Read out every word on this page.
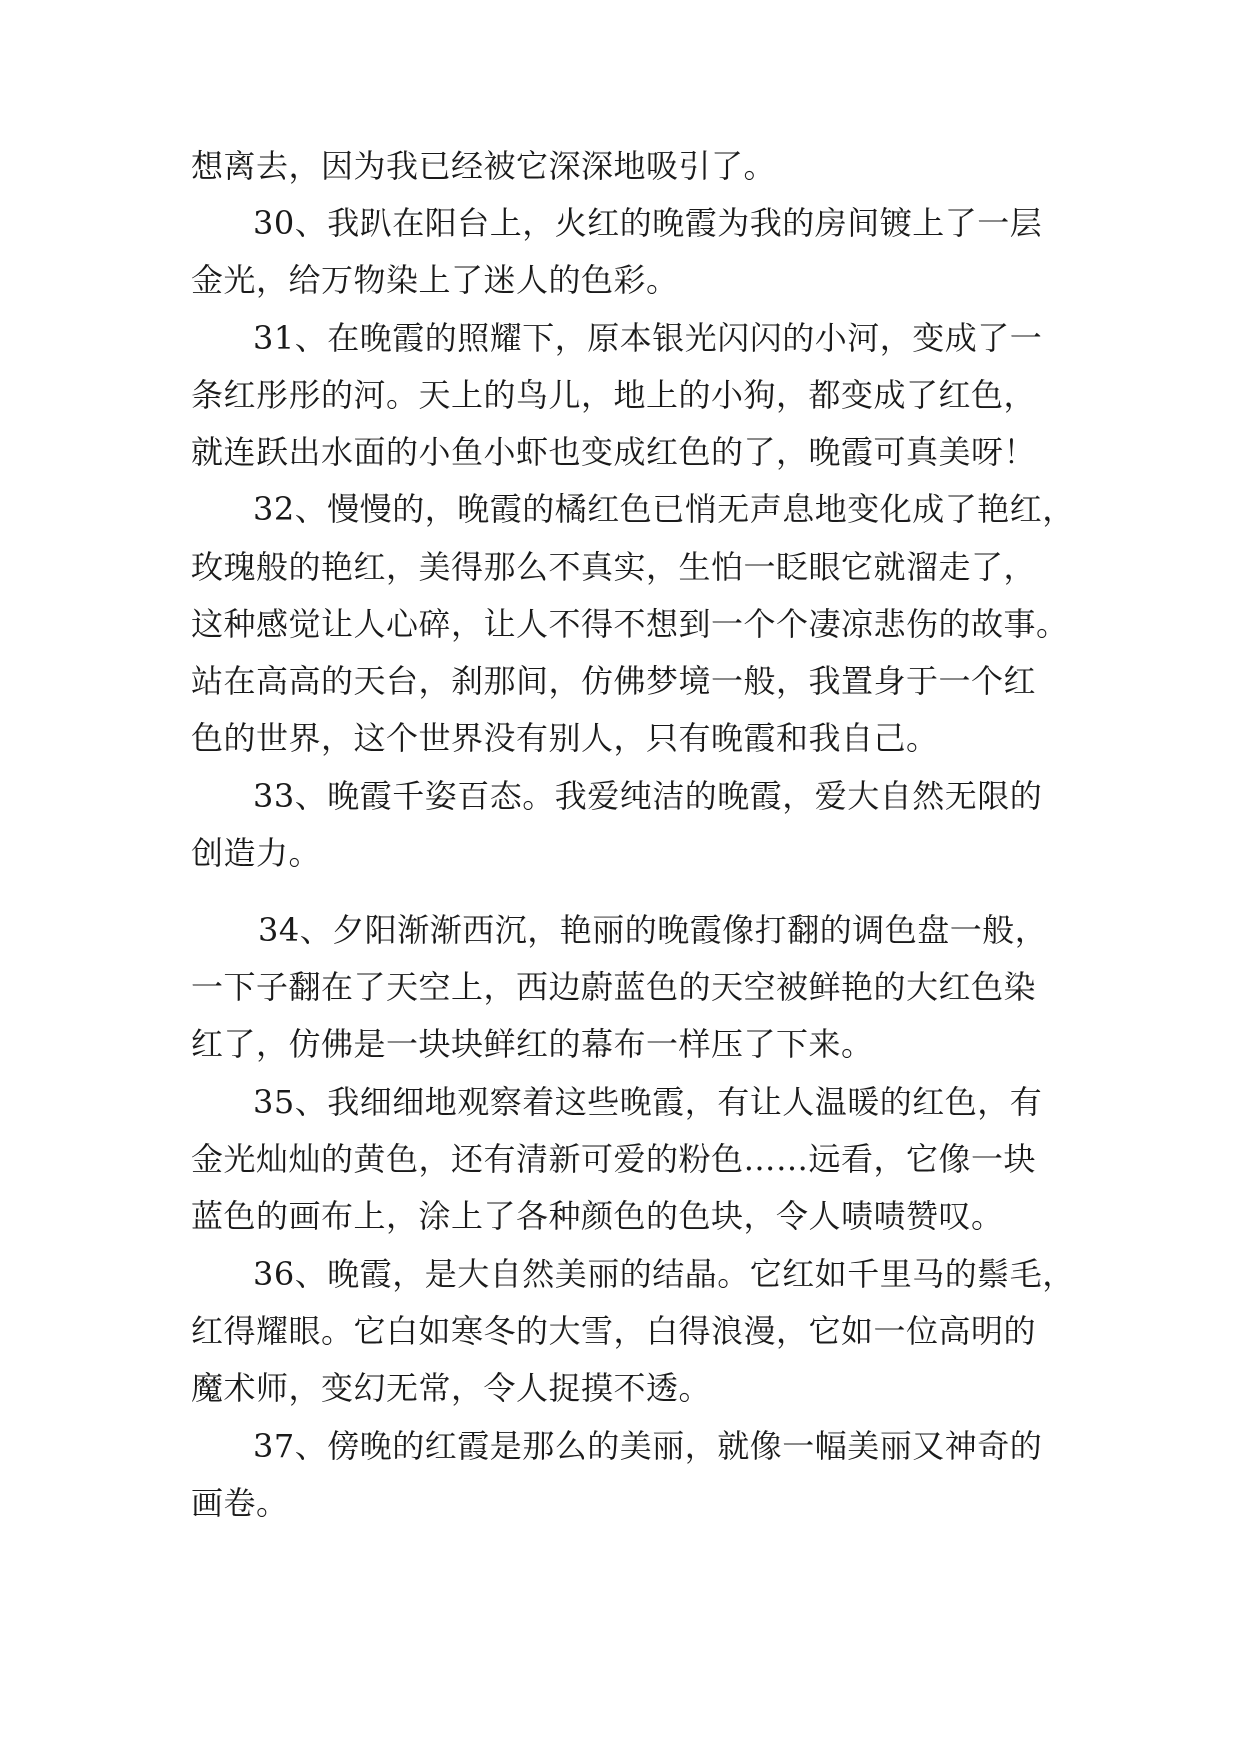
想离去，因为我已经被它深深地吸引了。
30、我趴在阳台上，火红的晚霞为我的房间镀上了一层
金光，给万物染上了迷人的色彩。
31、在晚霞的照耀下，原本银光闪闪的小河，变成了一
条红彤彤的河。天上的鸟儿，地上的小狗，都变成了红色，
就连跃出水面的小鱼小虾也变成红色的了，晚霞可真美呀！
32、慢慢的，晚霞的橘红色已悄无声息地变化成了艳红，
玫瑰般的艳红，美得那么不真实，生怕一眨眼它就溜走了，
这种感觉让人心碎，让人不得不想到一个个凄凉悲伤的故事。
站在高高的天台，刹那间，仿佛梦境一般，我置身于一个红
色的世界，这个世界没有别人，只有晚霞和我自己。
33、晚霞千姿百态。我爱纯洁的晚霞，爱大自然无限的
创造力。
34、夕阳渐渐西沉，艳丽的晚霞像打翻的调色盘一般，
一下子翻在了天空上，西边蔚蓝色的天空被鲜艳的大红色染
红了，仿佛是一块块鲜红的幕布一样压了下来。
35、我细细地观察着这些晚霞，有让人温暖的红色，有
金光灿灿的黄色，还有清新可爱的粉色……远看，它像一块
蓝色的画布上，涂上了各种颜色的色块，令人啧啧赞叹。
36、晚霞，是大自然美丽的结晶。它红如千里马的鬃毛，
红得耀眼。它白如寒冬的大雪，白得浪漫，它如一位高明的
魔术师，变幻无常，令人捉摸不透。
37、傍晚的红霞是那么的美丽，就像一幅美丽又神奇的
画卷。
